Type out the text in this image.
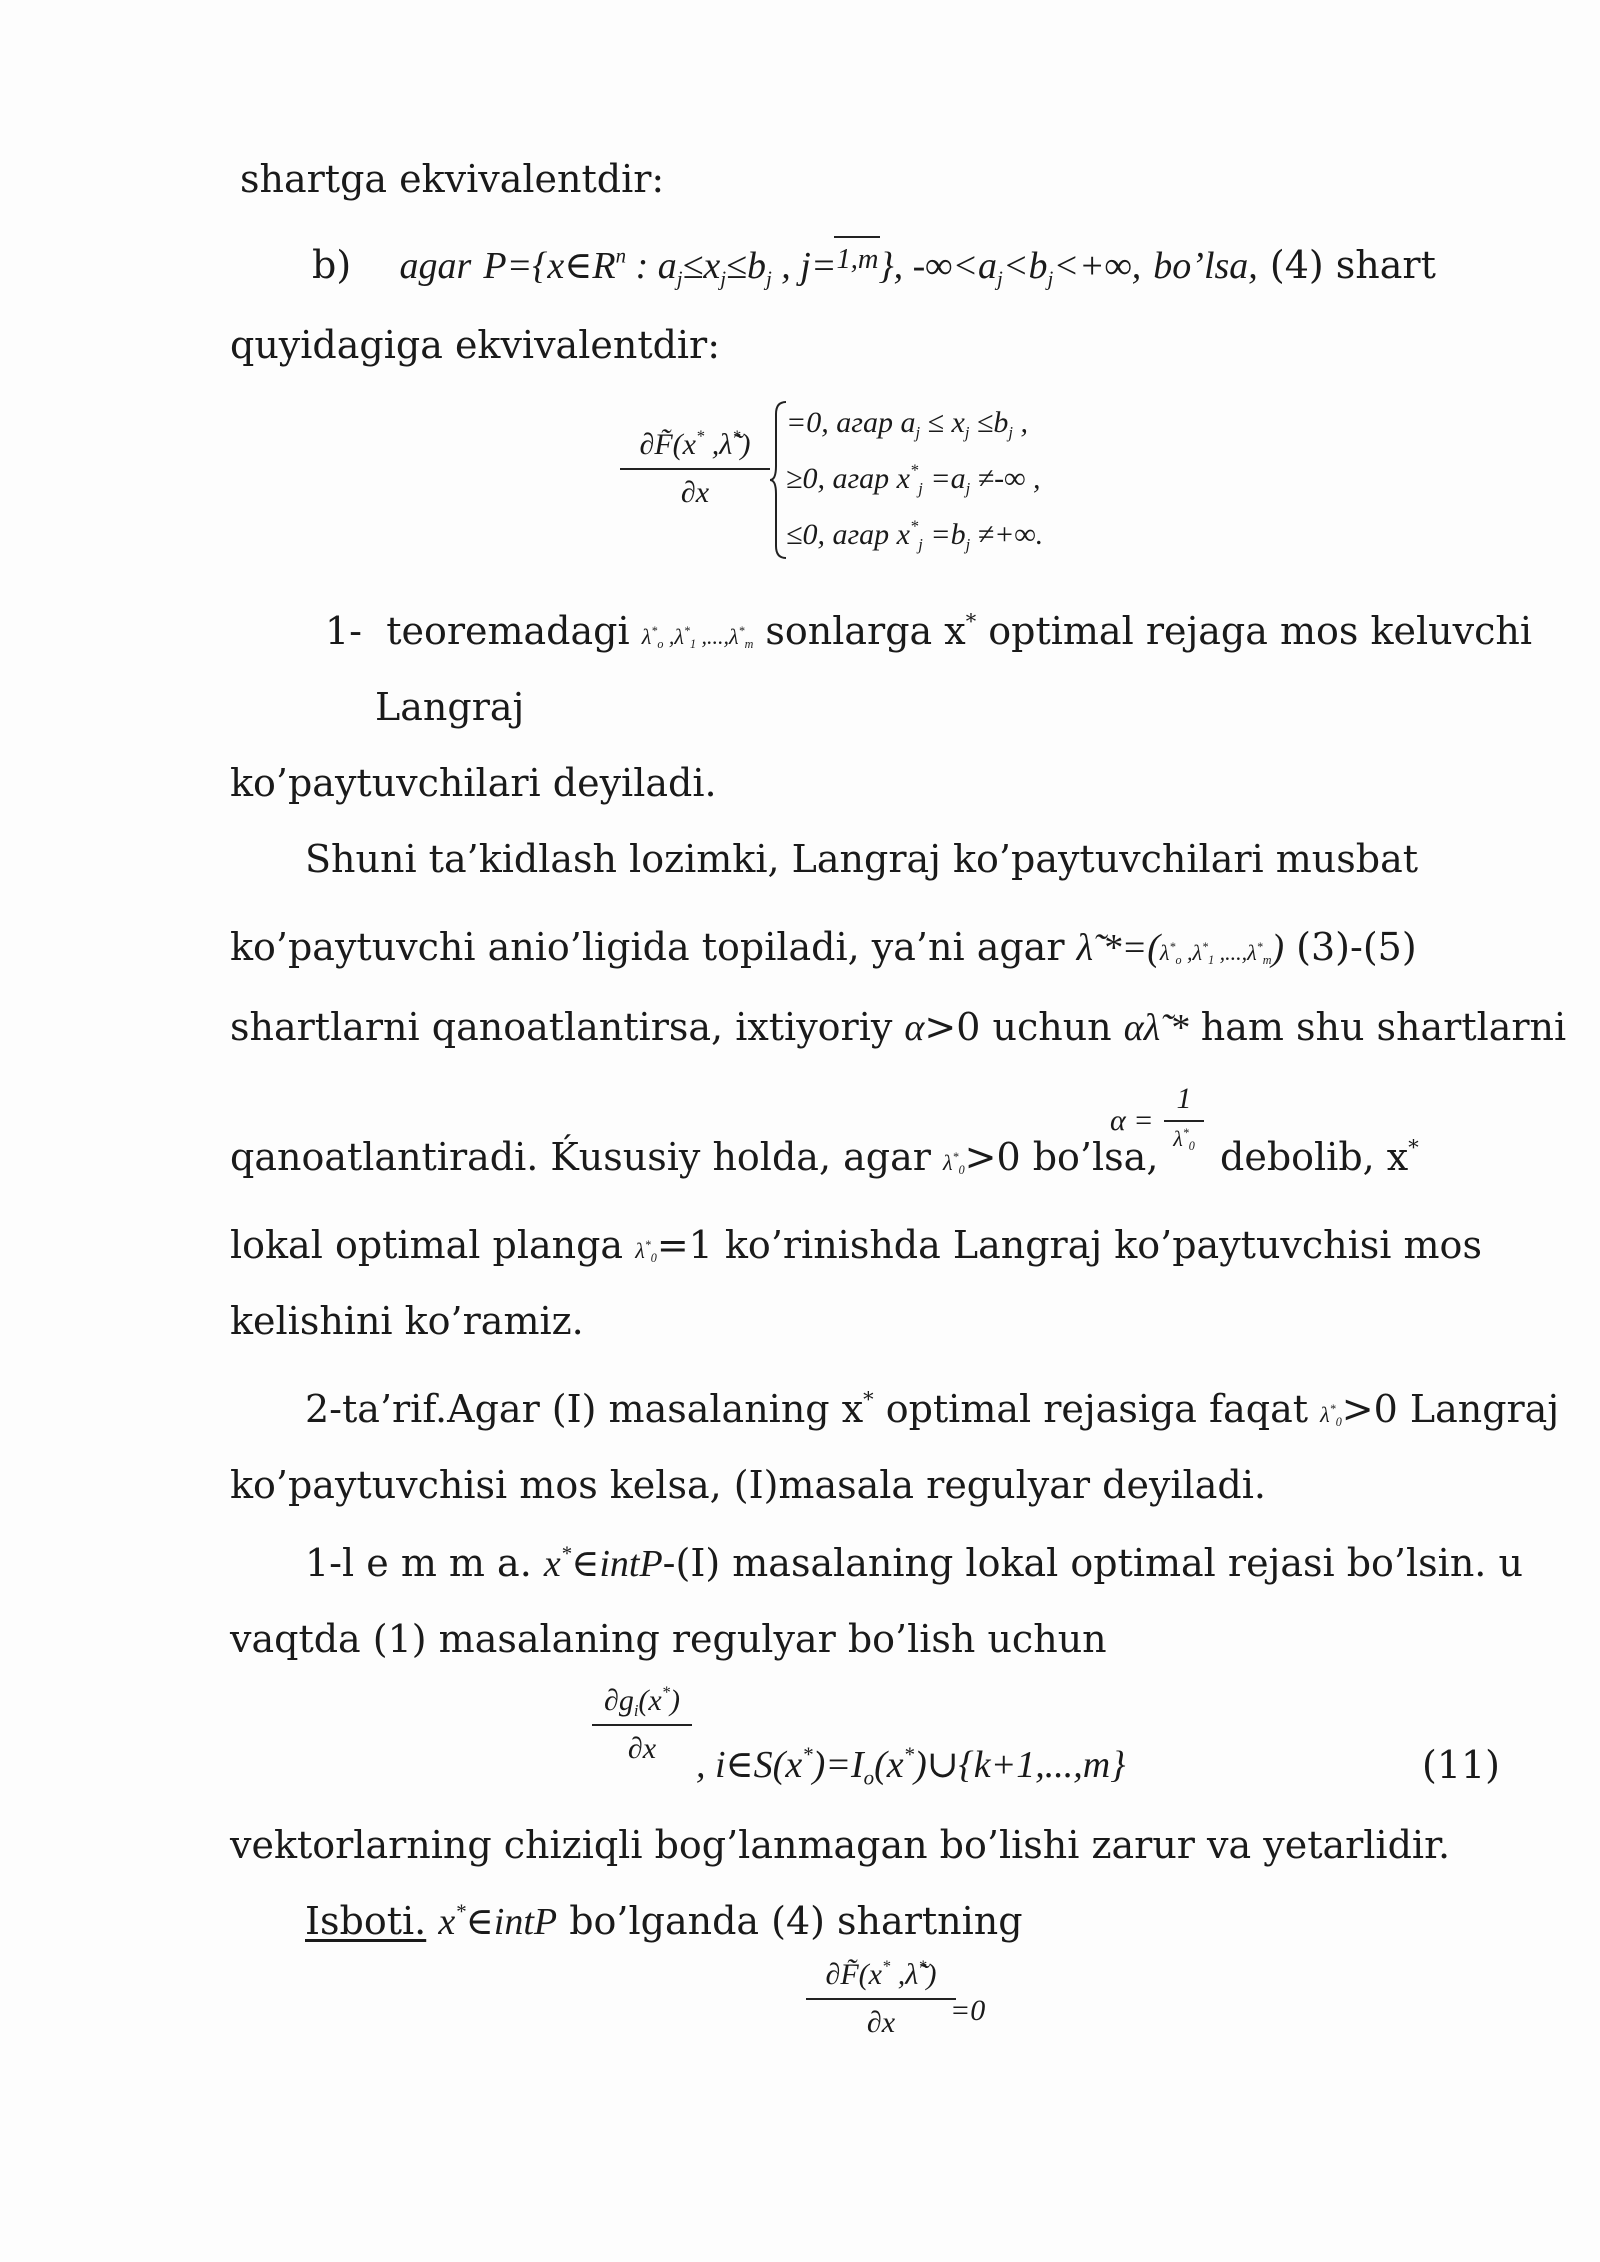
shartga ekvivalentdir:
b) agar $P=\{x\in R^n$ : $a_j\le x_j\le b_j$ , j=
1,m}, $-\infty<a_j<b_j<+\infty$, bo’lsa, (4) shart
quyidagiga ekvivalentdir:
$\frac{\partial F̃(x^* ,\lambdã^*)}{\partial x}$
=0, агар $a_j \le x_j \le b_j$ ,
≥0, агар $x^*_j =a_j$ ≠-∞ ,
≤0, агар $x^*_j =b_j$ ≠+∞.
1- teoremadagi $\lambda^*_o$ $,\lambda^*_1$ $,...,\lambda^*_m$ sonlarga x* optimal rejaga mos keluvchi
Langraj
ko’paytuvchilari deyiladi.
Shuni ta’kidlash lozimki, Langraj ko’paytuvchilari musbat
ko’paytuvchi anio’ligida topiladi, ya’ni agar λ̃ $*=(\lambda^*_o$ $,\lambda^*_1$ $,...,\lambda^*_m$) (3)-(5)
shartlarni qanoatlantirsa, ixtiyoriy α>0 uchun αλ̃ * ham shu shartlarni
qanoatlantiradi. Ḱususiy holda, agar $\lambda^*_0>0$ bo’lsa,
α =
1
$\lambda^*_0$ debolib, x*
lokal optimal planga $\lambda^*_0=1$ ko’rinishda Langraj ko’paytuvchisi mos
kelishini ko’ramiz.
2-ta’rif.Agar (I) masalaning x* optimal rejasiga faqat $\lambda^*_0>0$ Langraj
ko’paytuvchisi mos kelsa, (I)masala regulyar deyiladi.
1-l e m m a. x*∈intP-(I) masalaning lokal optimal rejasi bo’lsin. u
vaqtda (1) masalaning regulyar bo’lish uchun
$\frac{\partial g_i(x^*)}{\partial x}$ , $i\in S(x^*)=I_o(x^*)\cup\{k+1,...,m\}$	(11)
vektorlarning chiziqli bog’lanmagan bo’lishi zarur va yetarlidir.
Isboti. x*∈intP bo’lganda (4) shartning
$\frac{\partial F̃(x^* ,\lambdã^*)}{\partial x}$
=0
